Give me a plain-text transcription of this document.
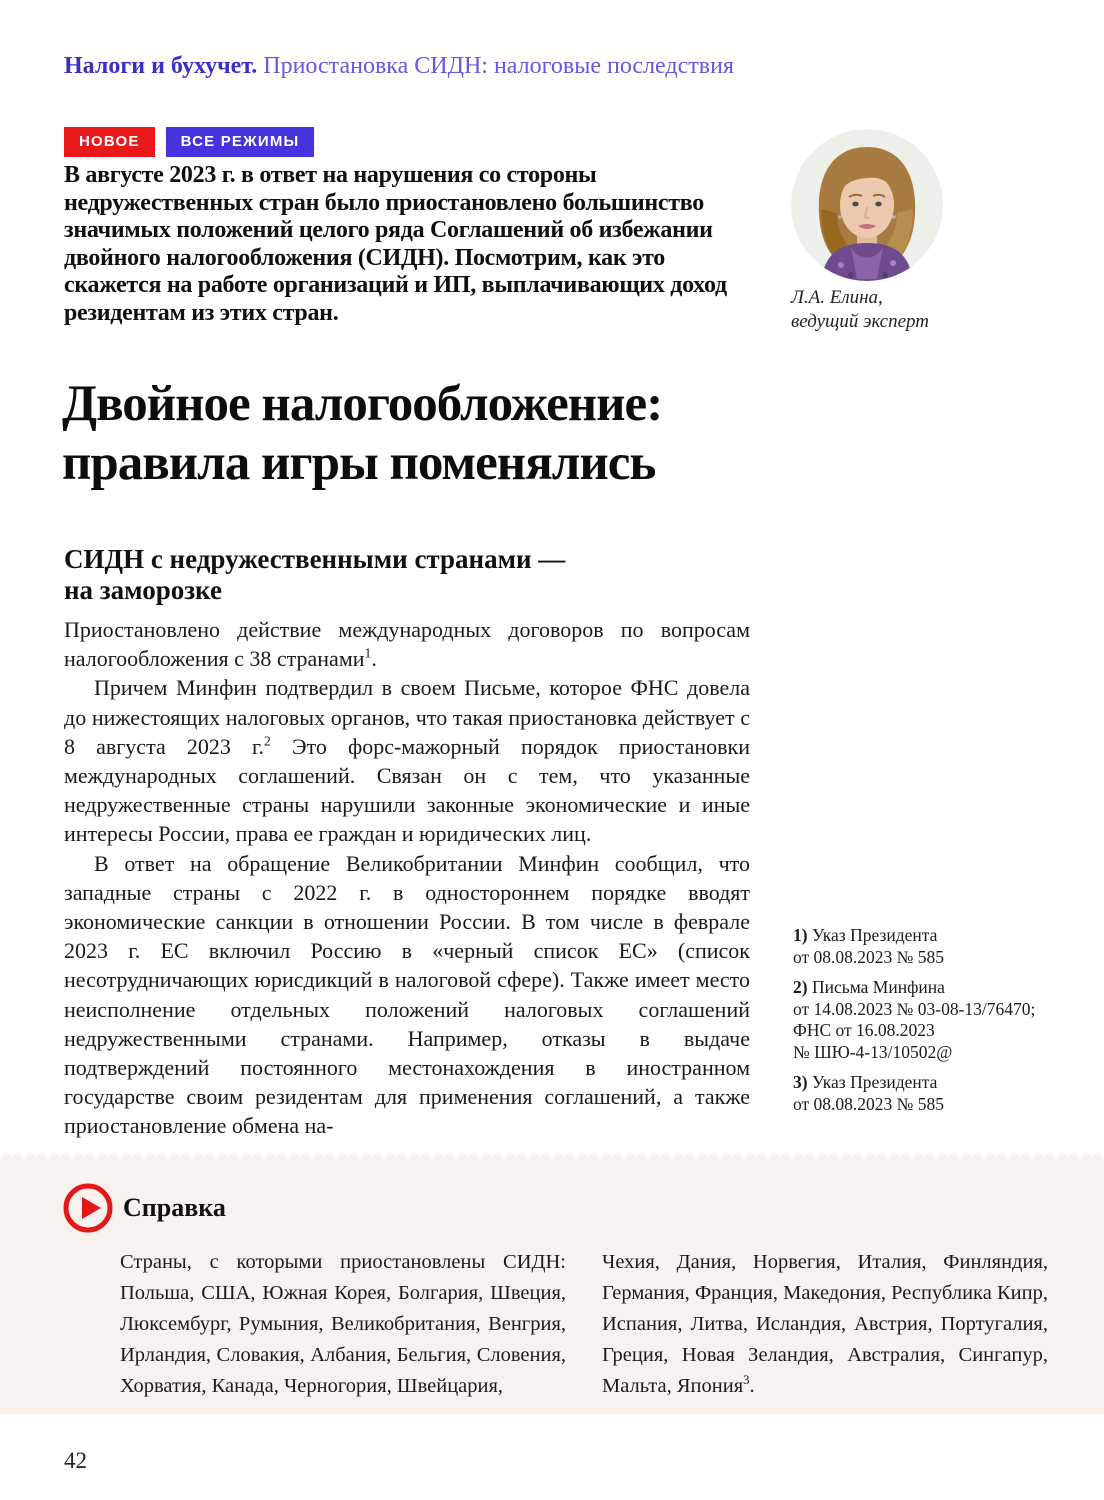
Налоги и бухучет. Приостановка СИДН: налоговые последствия
НОВОЕ	ВСЕ РЕЖИМЫ
В августе 2023 г. в ответ на нарушения со стороны недружественных стран было приостановлено большинство значимых положений целого ряда Соглашений об избежании двойного налогообложения (СИДН). Посмотрим, как это скажется на работе организаций и ИП, выплачивающих доход резидентам из этих стран.
Л.А. Елина,
ведущий эксперт
Двойное налогообложение:
правила игры поменялись
СИДН с недружественными странами —
на заморозке

Приостановлено действие международных договоров по вопросам налогообложения с 38 странами$^1$.

Причем Минфин подтвердил в своем Письме, которое ФНС довела до нижестоящих налоговых органов, что такая приостановка действует с 8 августа 2023 г.$^2$ Это форс-мажорный порядок приостановки международных соглашений. Связан он с тем, что указанные недружественные страны нарушили законные экономические и иные интересы России, права ее граждан и юридических лиц.

В ответ на обращение Великобритании Минфин сообщил, что западные страны с 2022 г. в одностороннем порядке вводят экономические санкции в отношении России. В том числе в феврале 2023 г. ЕС включил Россию в «черный список ЕС» (список несотрудничающих юрисдикций в налоговой сфере). Также имеет место неисполнение отдельных положений налоговых соглашений недружественными странами. Например, отказы в выдаче подтверждений постоянного местонахождения в иностранном государстве своим резидентам для применения соглашений, а также приостановление обмена на-

1) Указ Президента
от 08.08.2023 № 585
2) Письма Минфина
от 14.08.2023 № 03-08-13/76470;
ФНС от 16.08.2023
№ ШЮ-4-13/10502@
3) Указ Президента
от 08.08.2023 № 585
Справка
Страны, с которыми приостановлены СИДН: Польша, США, Южная Корея, Болгария, Швеция, Люксембург, Румыния, Великобритания, Венгрия, Ирландия, Словакия, Албания, Бельгия, Словения, Хорватия, Канада, Черногория, Швейцария,
Чехия, Дания, Норвегия, Италия, Финляндия, Германия, Франция, Македония, Республика Кипр, Испания, Литва, Исландия, Австрия, Португалия, Греция, Новая Зеландия, Австралия, Сингапур, Мальта, Япония$^3$.
42
